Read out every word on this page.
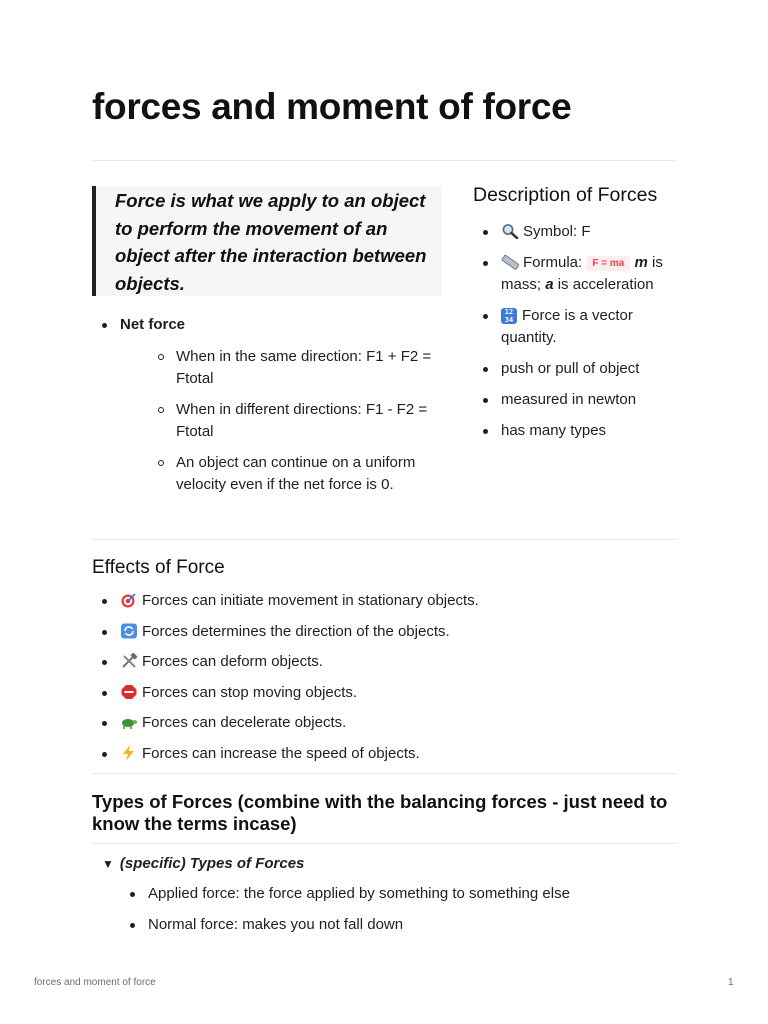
forces and moment of force
Force is what we apply to an object to perform the movement of an object after the interaction between objects.
Net force
When in the same direction: F1 + F2 = Ftotal
When in different directions: F1 - F2 = Ftotal
An object can continue on a uniform velocity even if the net force is 0.
Description of Forces
Symbol: F
Formula: F = ma m is mass; a is acceleration
12
34 Force is a vector quantity.
push or pull of object
measured in newton
has many types
Effects of Force
Forces can initiate movement in stationary objects.
Forces determines the direction of the objects.
Forces can deform objects.
Forces can stop moving objects.
Forces can decelerate objects.
Forces can increase the speed of objects.
Types of Forces (combine with the balancing forces - just need to know the terms incase)
▼ (specific) Types of Forces
Applied force: the force applied by something to something else
Normal force: makes you not fall down
forces and moment of force	1
